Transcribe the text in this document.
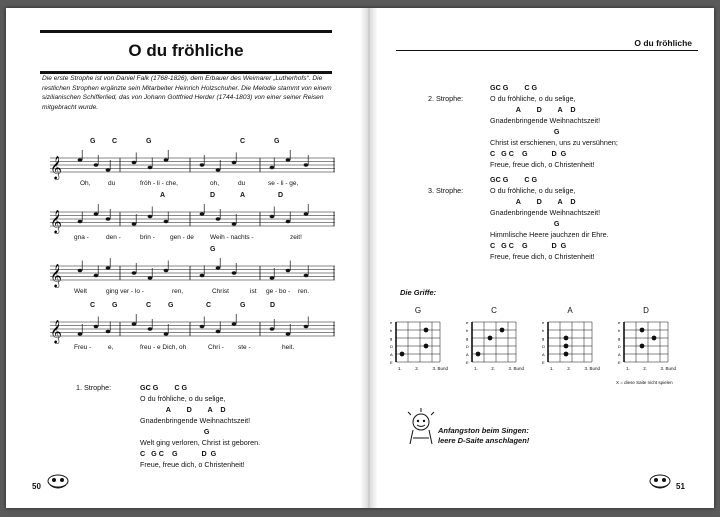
O du fröhliche
Die erste Strophe ist von Daniel Falk (1768-1826), dem Erbauer des Weimarer „Lutherhofs“. Die restlichen Strophen ergänzte sein Mitarbeiter Heinrich Holzschuher. Die Melodie stammt von einem sizilianischen Schifferlied, das von Johann Gottfried Herder (1744-1803) von einer seiner Reisen mitgebracht wurde.
𝄞
G C	G	C	G
Oh,	du	fröh - li - che,	oh,	du	se - li - ge,
𝄞
A	D	A	D
gna -	den -	brin - gen - de Weih - nachts -	zeit!
𝄞
G
Welt	ging ver - lo -	ren,	Christ	ist ge - bo - ren.
𝄞
C G	C G	C	G	D
Freu -	e,	freu - e Dich, oh	Chri - ste -	heit.
1. Strophe:	GC G        C G
O du fröhliche, o du selige,
A        D        A    D
Gnadenbringende Weihnachtszeit!
G
Welt ging verloren, Christ ist geboren.
C   G C    G            D  G
Freue, freue dich, o Christenheit!
50
O du fröhliche
2. Strophe:
GC G        C G
O du fröhliche, o du selige,
A        D        A    D
Gnadenbringende Weihnachtszeit!
G
Christ ist erschienen, uns zu versühnen;
C   G C    G            D  G
Freue, freue dich, o Christenheit!
3. Strophe:
GC G        C G
O du fröhliche, o du selige,
A        D        A    D
Gnadenbringende Weihnachtszeit!
G
Himmlische Heere jauchzen dir Ehre.
C   G C    G            D  G
Freue, freue dich, o Christenheit!
Die Griffe:
G
e
h
g
D
A
E
1.	2.	3. Bund
C
e
h
g
D
A
E
1.	2.	3. Bund
A
e
h
g
D
A
E
1.	2.	3. Bund
D
e
h
g
D
A
E
1.	2.	3. Bund
X = diese Saite nicht spielen
Anfangston beim Singen:
leere D-Saite anschlagen!
51
